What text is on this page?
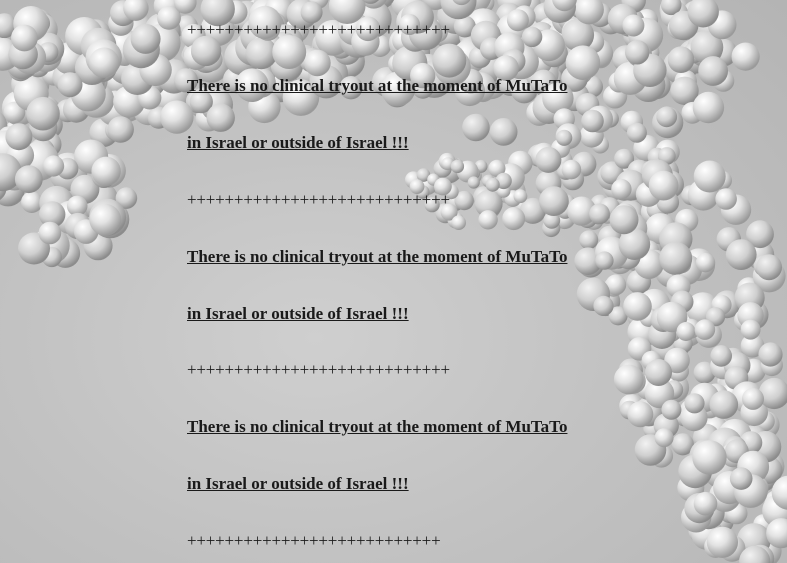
++++++++++++++++++++++++++++
There is no clinical tryout at the moment of MuTaTo
in Israel or outside of Israel !!!
++++++++++++++++++++++++++++
There is no clinical tryout at the moment of MuTaTo
in Israel or outside of Israel !!!
++++++++++++++++++++++++++++
There is no clinical tryout at the moment of MuTaTo
in Israel or outside of Israel !!!
+++++++++++++++++++++++++++
